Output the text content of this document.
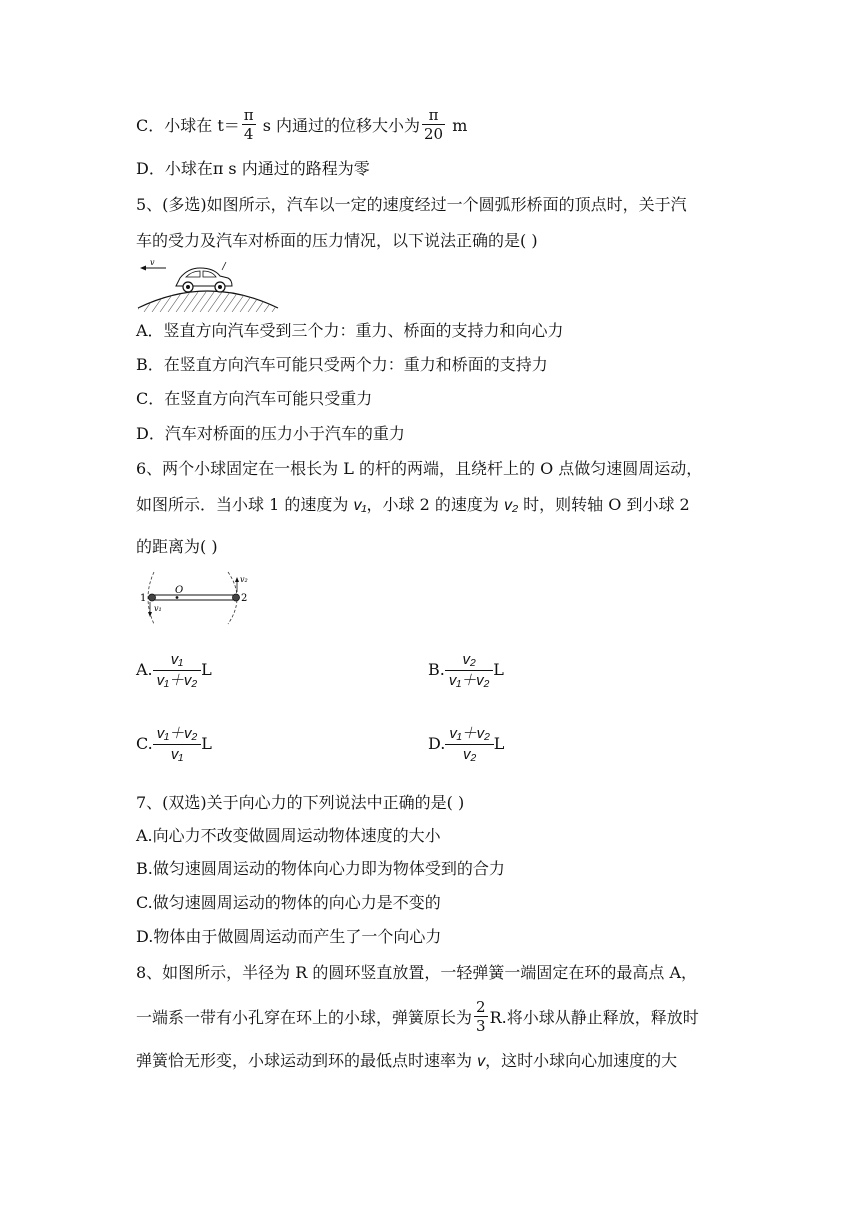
C．小球在 $t= \frac{\pi}{4}$ s 内通过的位移大小为 $\frac{\pi}{20}$ m
D．小球在π s 内通过的路程为零
5、(多选)如图所示，汽车以一定的速度经过一个圆弧形桥面的顶点时，关于汽
车的受力及汽车对桥面的压力情况，以下说法正确的是( )
v
A．竖直方向汽车受到三个力：重力、桥面的支持力和向心力
B．在竖直方向汽车可能只受两个力：重力和桥面的支持力
C．在竖直方向汽车可能只受重力
D．汽车对桥面的压力小于汽车的重力
6、两个小球固定在一根长为 L 的杆的两端，且绕杆上的 O 点做匀速圆周运动，
如图所示．当小球 1 的速度为 v₁，小球 2 的速度为 v₂ 时，则转轴 O 到小球 2
的距离为( )
O
1	2
v₁
v₂
A. $\frac{\text{v₁}}{\text{v₁＋v₂}}$ L	B. $\frac{\text{v₂}}{\text{v₁＋v₂}}$ L
C. $\frac{\text{v₁＋v₂}}{\text{v₁}}$ L	D. $\frac{\text{v₁＋v₂}}{\text{v₂}}$ L
7、(双选)关于向心力的下列说法中正确的是( )
A.向心力不改变做圆周运动物体速度的大小
B.做匀速圆周运动的物体向心力即为物体受到的合力
C.做匀速圆周运动的物体的向心力是不变的
D.物体由于做圆周运动而产生了一个向心力
8、如图所示，半径为 R 的圆环竖直放置，一轻弹簧一端固定在环的最高点 A，
一端系一带有小孔穿在环上的小球，弹簧原长为 $\frac{2}{3} R$.将小球从静止释放，释放时
弹簧恰无形变，小球运动到环的最低点时速率为 v，这时小球向心加速度的大
